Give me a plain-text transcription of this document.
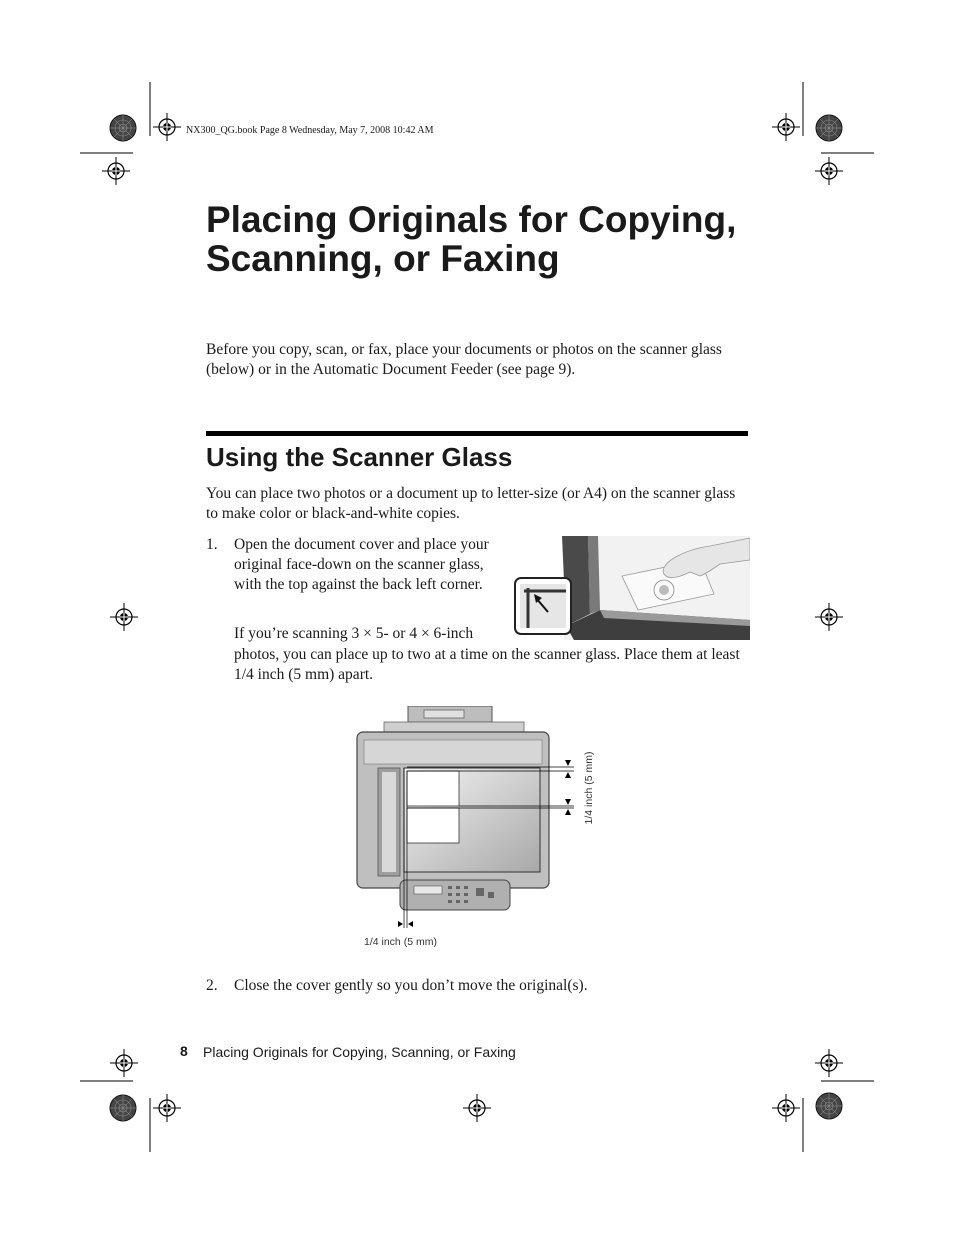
NX300_QG.book Page 8 Wednesday, May 7, 2008 10:42 AM
Placing Originals for Copying, Scanning, or Faxing

Before you copy, scan, or fax, place your documents or photos on the scanner glass (below) or in the Automatic Document Feeder (see page 9).

Using the Scanner Glass

You can place two photos or a document up to letter-size (or A4) on the scanner glass to make color or black-and-white copies.

1. Open the document cover and place your original face-down on the scanner glass, with the top against the back left corner.

If you’re scanning 3 × 5- or 4 × 6-inch

photos, you can place up to two at a time on the scanner glass. Place them at least 1/4 inch (5 mm) apart.

1/4 inch (5 mm)
1/4 inch (5 mm)
2. Close the cover gently so you don’t move the original(s).

8 Placing Originals for Copying, Scanning, or Faxing
